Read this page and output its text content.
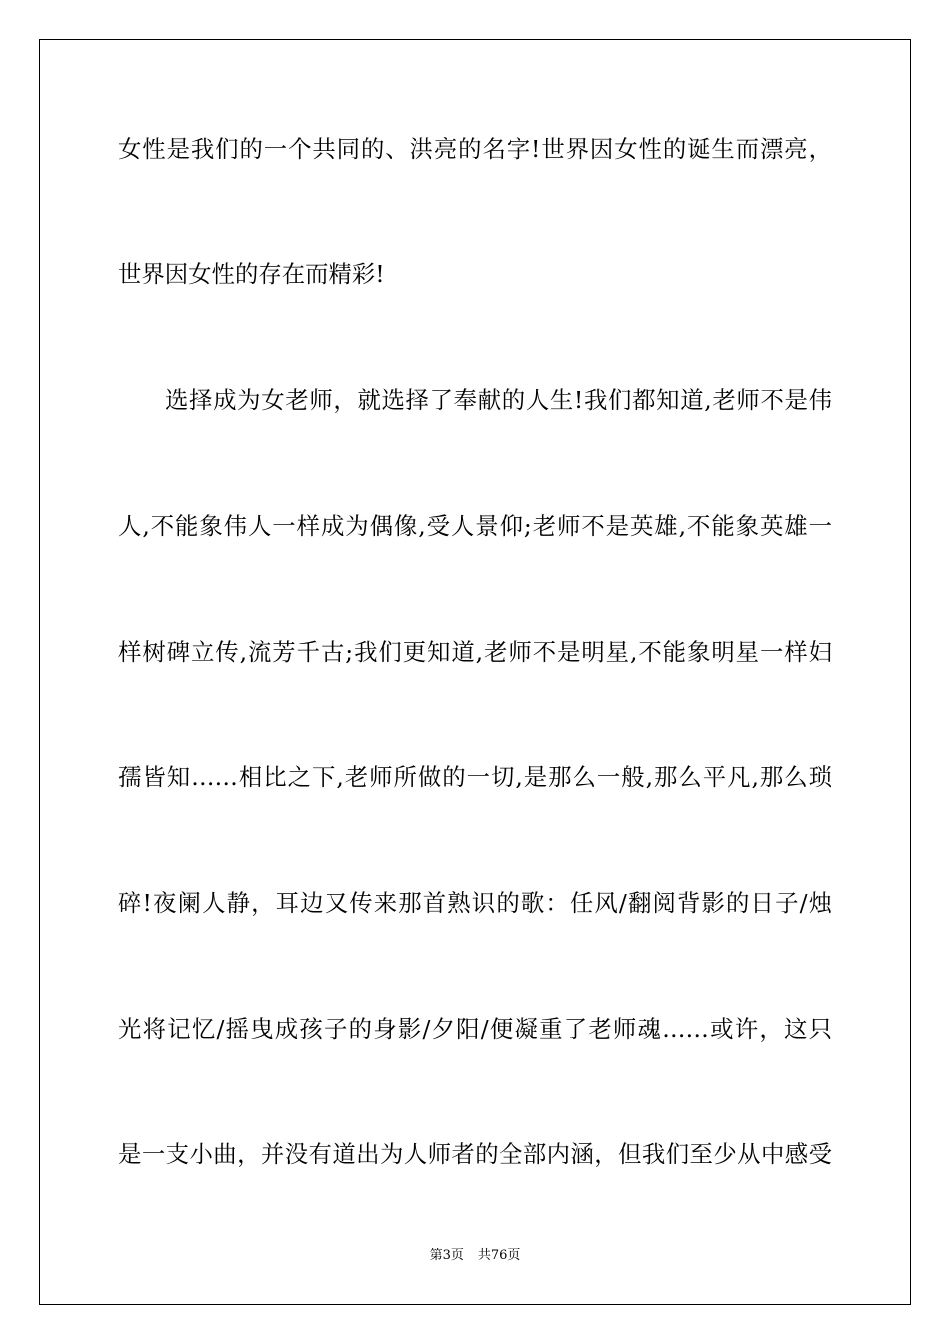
女性是我们的一个共同的、洪亮的名字!世界因女性的诞生而漂亮，
世界因女性的存在而精彩!
选择成为女老师，就选择了奉献的人生!我们都知道,老师不是伟
人,不能象伟人一样成为偶像,受人景仰;老师不是英雄,不能象英雄一
样树碑立传,流芳千古;我们更知道,老师不是明星,不能象明星一样妇
孺皆知……相比之下,老师所做的一切,是那么一般,那么平凡,那么琐
碎!夜阑人静，耳边又传来那首熟识的歌：任风/翻阅背影的日子/烛
光将记忆/摇曳成孩子的身影/夕阳/便凝重了老师魂……或许，这只
是一支小曲，并没有道出为人师者的全部内涵，但我们至少从中感受
第3页 共76页
